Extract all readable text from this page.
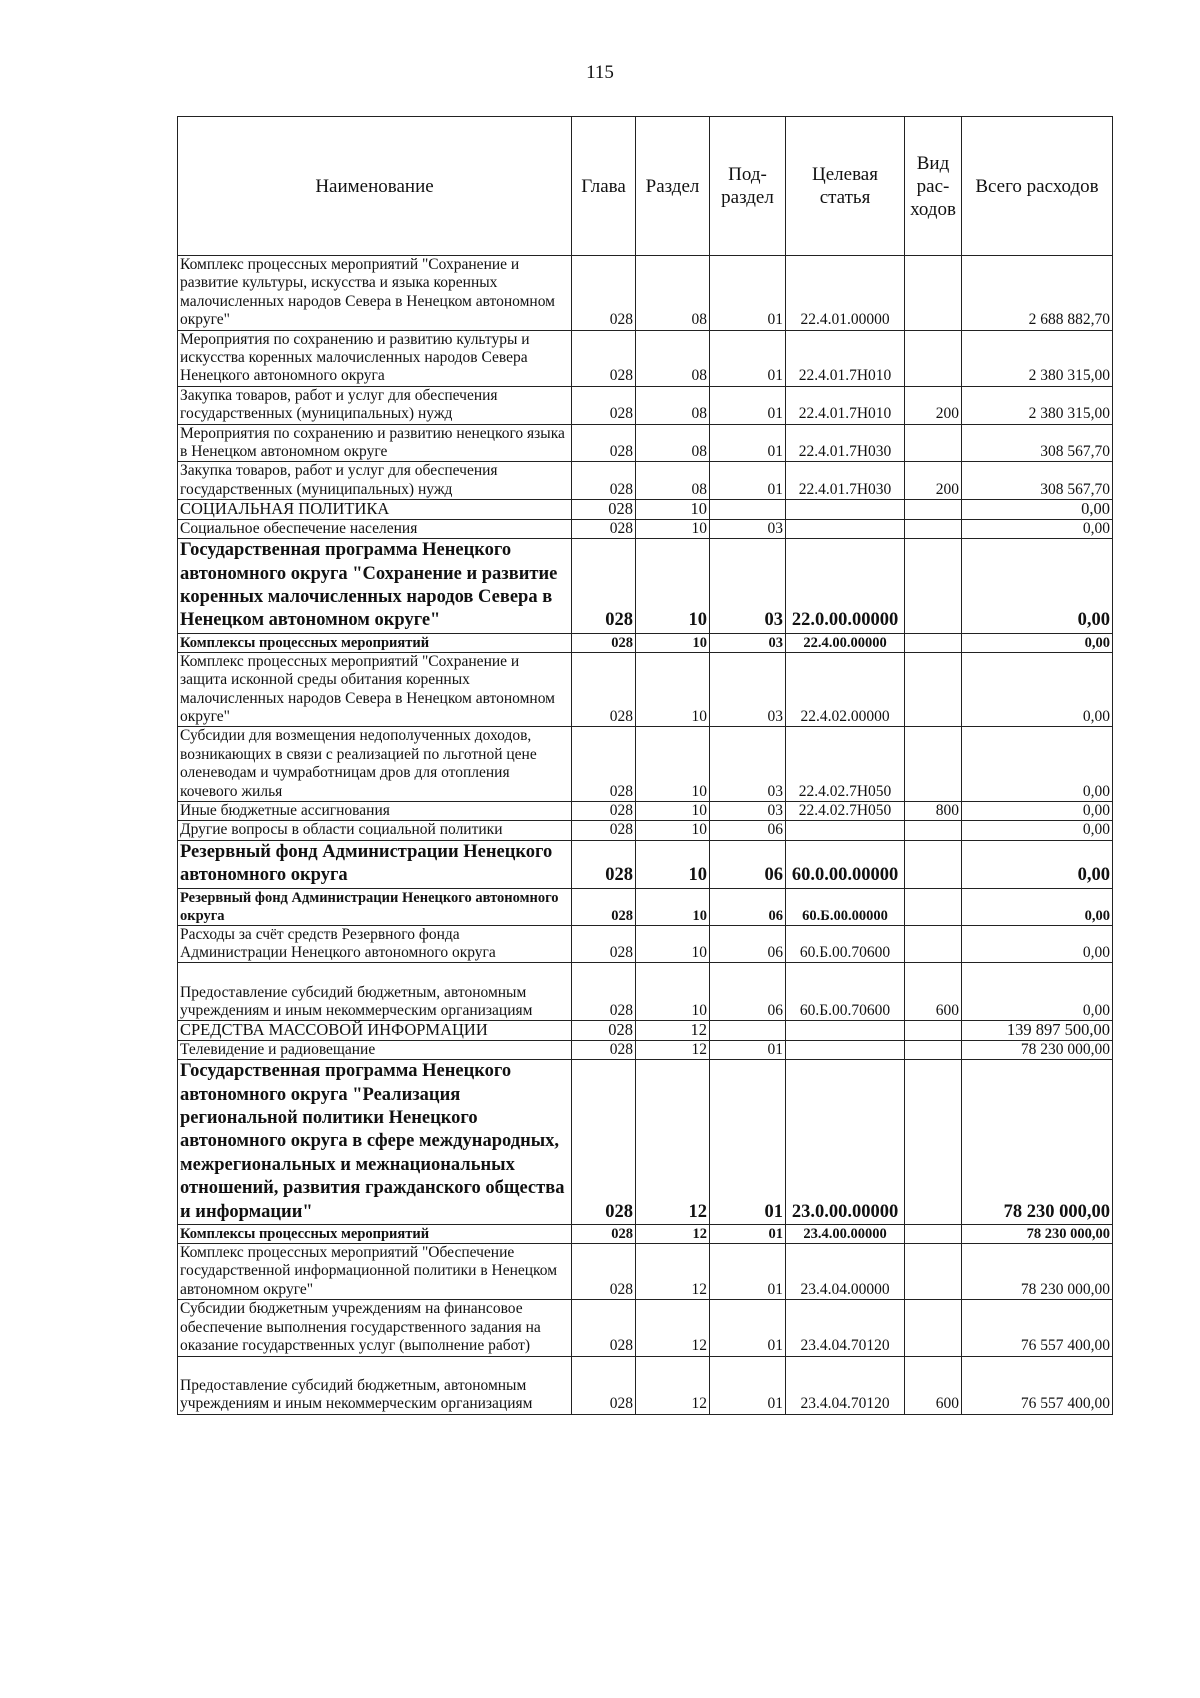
115
Наименование	Глава	Раздел	Под-раздел	Целевая статья	Вид рас-ходов	Всего расходов
Комплекс процессных мероприятий "Сохранение и развитие культуры, искусства и языка коренных малочисленных народов Севера в Ненецком автономном округе"	028	08	01	22.4.01.00000		2 688 882,70
Мероприятия по сохранению и развитию культуры и искусства коренных малочисленных народов Севера Ненецкого автономного округа	028	08	01	22.4.01.7Н010		2 380 315,00
Закупка товаров, работ и услуг для обеспечения государственных (муниципальных) нужд	028	08	01	22.4.01.7Н010	200	2 380 315,00
Мероприятия по сохранению и развитию ненецкого языка в Ненецком автономном округе	028	08	01	22.4.01.7Н030		308 567,70
Закупка товаров, работ и услуг для обеспечения государственных (муниципальных) нужд	028	08	01	22.4.01.7Н030	200	308 567,70
СОЦИАЛЬНАЯ ПОЛИТИКА	028	10				0,00
Социальное обеспечение населения	028	10	03			0,00
Государственная программа Ненецкого автономного округа "Сохранение и развитие коренных малочисленных народов Севера в Ненецком автономном округе"	028	10	03	22.0.00.00000		0,00
Комплексы процессных мероприятий	028	10	03	22.4.00.00000		0,00
Комплекс процессных мероприятий "Сохранение и защита исконной среды обитания коренных малочисленных народов Севера в Ненецком автономном округе"	028	10	03	22.4.02.00000		0,00
Субсидии для возмещения недополученных доходов, возникающих в связи с реализацией по льготной цене оленеводам и чумработницам дров для отопления кочевого жилья	028	10	03	22.4.02.7Н050		0,00
Иные бюджетные ассигнования	028	10	03	22.4.02.7Н050	800	0,00
Другие вопросы в области социальной политики	028	10	06			0,00
Резервный фонд Администрации Ненецкого автономного округа	028	10	06	60.0.00.00000		0,00
Резервный фонд Администрации Ненецкого автономного округа	028	10	06	60.Б.00.00000		0,00
Расходы за счёт средств Резервного фонда Администрации Ненецкого автономного округа	028	10	06	60.Б.00.70600		0,00
Предоставление субсидий бюджетным, автономным учреждениям и иным некоммерческим организациям	028	10	06	60.Б.00.70600	600	0,00
СРЕДСТВА МАССОВОЙ ИНФОРМАЦИИ	028	12				139 897 500,00
Телевидение и радиовещание	028	12	01			78 230 000,00
Государственная программа Ненецкого автономного округа "Реализация региональной политики Ненецкого автономного округа в сфере международных, межрегиональных и межнациональных отношений, развития гражданского общества и информации"	028	12	01	23.0.00.00000		78 230 000,00
Комплексы процессных мероприятий	028	12	01	23.4.00.00000		78 230 000,00
Комплекс процессных мероприятий "Обеспечение государственной информационной политики в Ненецком автономном округе"	028	12	01	23.4.04.00000		78 230 000,00
Субсидии бюджетным учреждениям на финансовое обеспечение выполнения государственного задания на оказание государственных услуг (выполнение работ)	028	12	01	23.4.04.70120		76 557 400,00
Предоставление субсидий бюджетным, автономным учреждениям и иным некоммерческим организациям	028	12	01	23.4.04.70120	600	76 557 400,00
